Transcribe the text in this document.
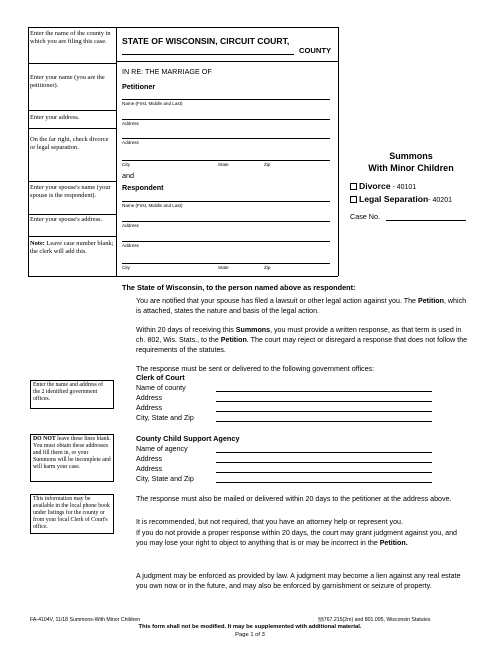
Enter the name of the county in which you are filing this case.
Enter your name (you are the petitioner).
Enter your address.
On the far right, check divorce or legal separation.
Enter your spouse's name (your spouse is the respondent).
Enter your spouse's address.
Note: Leave case number blank; the clerk will add this.
STATE OF WISCONSIN, CIRCUIT COURT,
COUNTY
IN RE: THE MARRIAGE OF
Petitioner
Name (First, Middle and Last)
Address
Address
City	State	Zip
and
Respondent
Name (First, Middle and Last)
Address
Address
City	State	Zip
Summons
With Minor Children
Divorce - 40101
Legal Separation- 40201
Case No.
The State of Wisconsin, to the person named above as respondent:
You are notified that your spouse has filed a lawsuit or other legal action against you. The Petition, which is attached, states the nature and basis of the legal action.
Within 20 days of receiving this Summons, you must provide a written response, as that term is used in ch. 802, Wis. Stats., to the Petition. The court may reject or disregard a response that does not follow the requirements of the statutes.
The response must be sent or delivered to the following government offices:
Clerk of Court
Name of county
Address
Address
City, State and Zip
County Child Support Agency
Name of agency
Address
Address
City, State and Zip
The response must also be mailed or delivered within 20 days to the petitioner at the address above.
It is recommended, but not required, that you have an attorney help or represent you.
If you do not provide a proper response within 20 days, the court may grant judgment against you, and you may lose your right to object to anything that is or may be incorrect in the Petition.
A judgment may be enforced as provided by law. A judgment may become a lien against any real estate you own now or in the future, and may also be enforced by garnishment or seizure of property.
Enter the name and address of the 2 identified government offices.
DO NOT leave these lines blank. You must obtain these addresses and fill them in, or your Summons will be incomplete and will harm your case.
This information may be available in the local phone book under listings for the county or from your local Clerk of Court's office.
FA-4104V, 11/18 Summons-With Minor Children	§§767.215(2m) and 801.095, Wisconsin Statutes
This form shall not be modified. It may be supplemented with additional material.
Page 1 of 3
